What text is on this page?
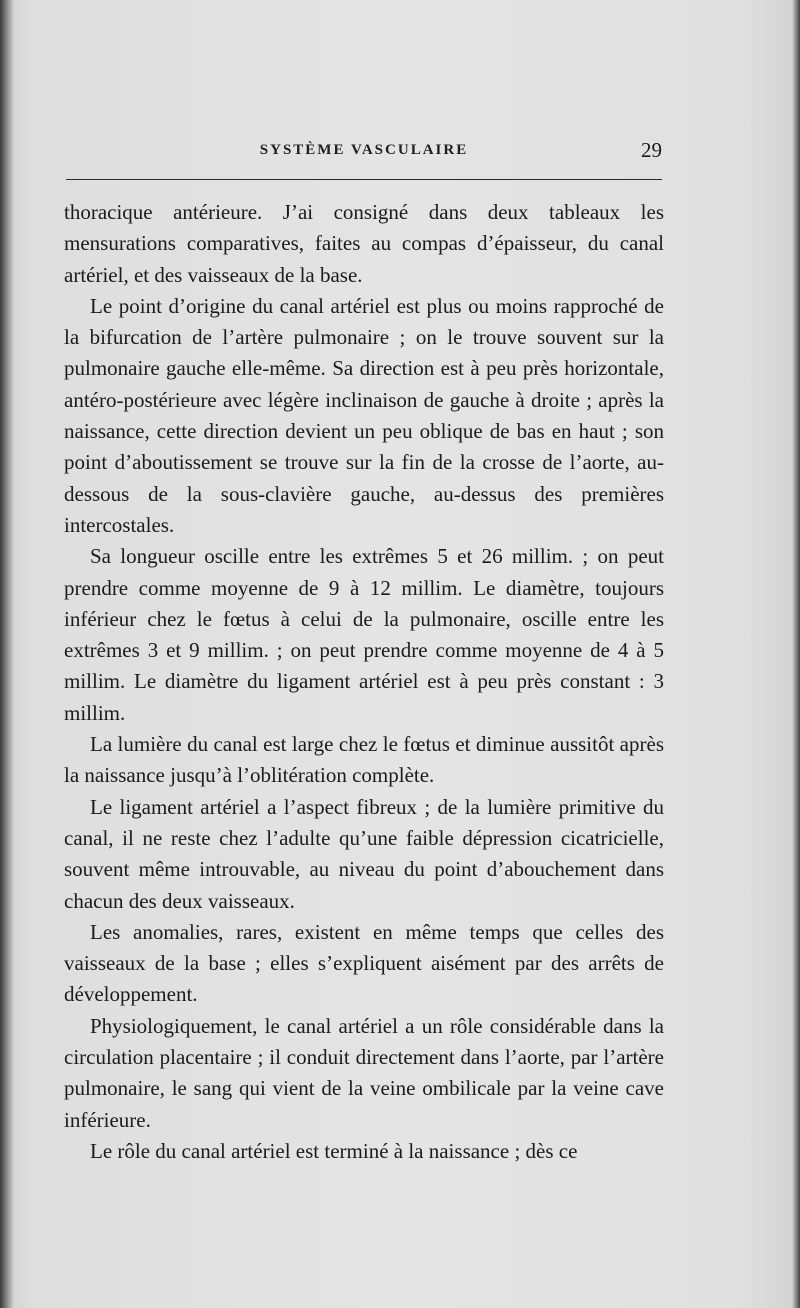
SYSTÈME VASCULAIRE	29

thoracique antérieure. J’ai consigné dans deux tableaux les mensurations comparatives, faites au compas d’épaisseur, du canal artériel, et des vaisseaux de la base.

Le point d’origine du canal artériel est plus ou moins rapproché de la bifurcation de l’artère pulmonaire ; on le trouve souvent sur la pulmonaire gauche elle-même. Sa direction est à peu près horizontale, antéro-postérieure avec légère inclinaison de gauche à droite ; après la naissance, cette direction devient un peu oblique de bas en haut ; son point d’aboutissement se trouve sur la fin de la crosse de l’aorte, au-dessous de la sous-clavière gauche, au-dessus des premières intercostales.

Sa longueur oscille entre les extrêmes 5 et 26 millim. ; on peut prendre comme moyenne de 9 à 12 millim. Le diamètre, toujours inférieur chez le fœtus à celui de la pulmonaire, oscille entre les extrêmes 3 et 9 millim. ; on peut prendre comme moyenne de 4 à 5 millim. Le diamètre du ligament artériel est à peu près constant : 3 millim.

La lumière du canal est large chez le fœtus et diminue aussitôt après la naissance jusqu’à l’oblitération complète.

Le ligament artériel a l’aspect fibreux ; de la lumière primitive du canal, il ne reste chez l’adulte qu’une faible dépression cicatricielle, souvent même introuvable, au niveau du point d’abouchement dans chacun des deux vaisseaux.

Les anomalies, rares, existent en même temps que celles des vaisseaux de la base ; elles s’expliquent aisément par des arrêts de développement.

Physiologiquement, le canal artériel a un rôle considérable dans la circulation placentaire ; il conduit directement dans l’aorte, par l’artère pulmonaire, le sang qui vient de la veine ombilicale par la veine cave inférieure.

Le rôle du canal artériel est terminé à la naissance ; dès ce
